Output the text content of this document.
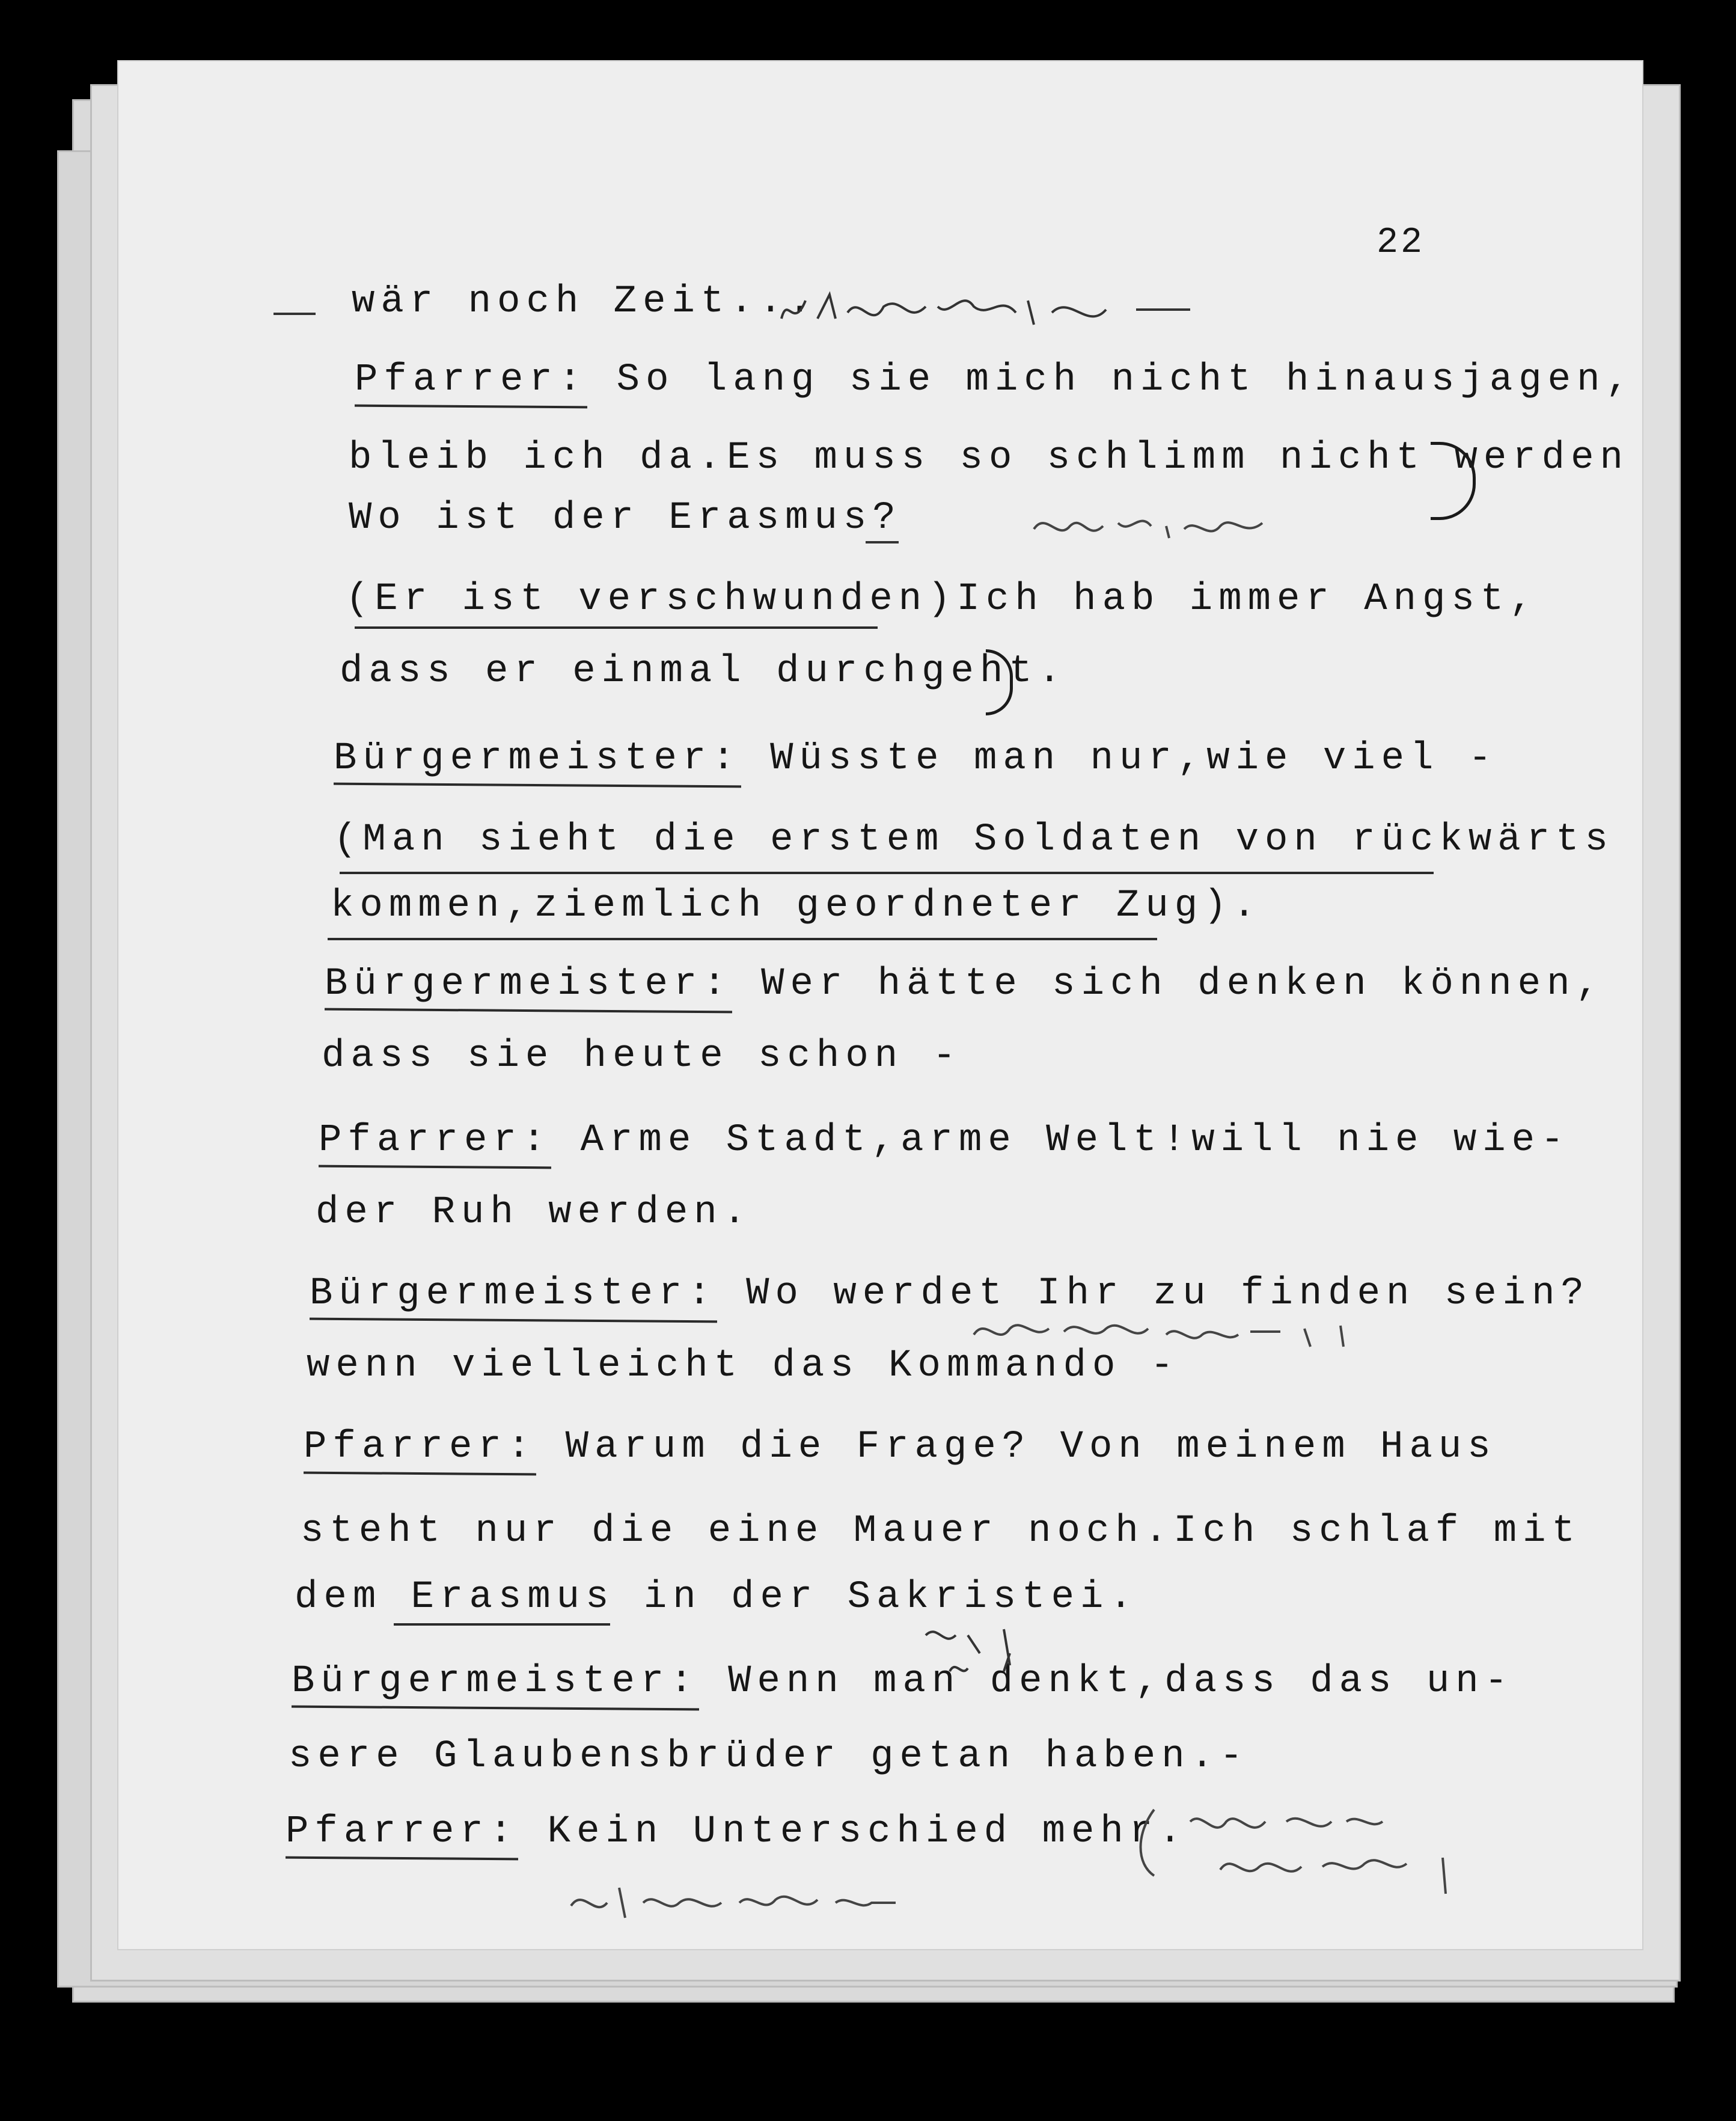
22
wär noch Zeit...
Pfarrer: So lang sie mich nicht hinausjagen,
bleib ich da.Es muss so schlimm nicht werden
Wo ist der Erasmus?
(Er ist verschwunden)Ich hab immer Angst,
dass er einmal durchgeht.
Bürgermeister: Wüsste man nur,wie viel -
(Man sieht die erstem Soldaten von rückwärts
kommen,ziemlich geordneter Zug).
Bürgermeister: Wer hätte sich denken können,
dass sie heute schon -
Pfarrer: Arme Stadt,arme Welt!will nie wie-
der Ruh werden.
Bürgermeister: Wo werdet Ihr zu finden sein?
wenn vielleicht das Kommando -
Pfarrer: Warum die Frage? Von meinem Haus
steht nur die eine Mauer noch.Ich schlaf mit
dem Erasmus in der Sakristei.
Bürgermeister: Wenn man denkt,dass das un-
sere Glaubensbrüder getan haben.-
Pfarrer: Kein Unterschied mehr.
